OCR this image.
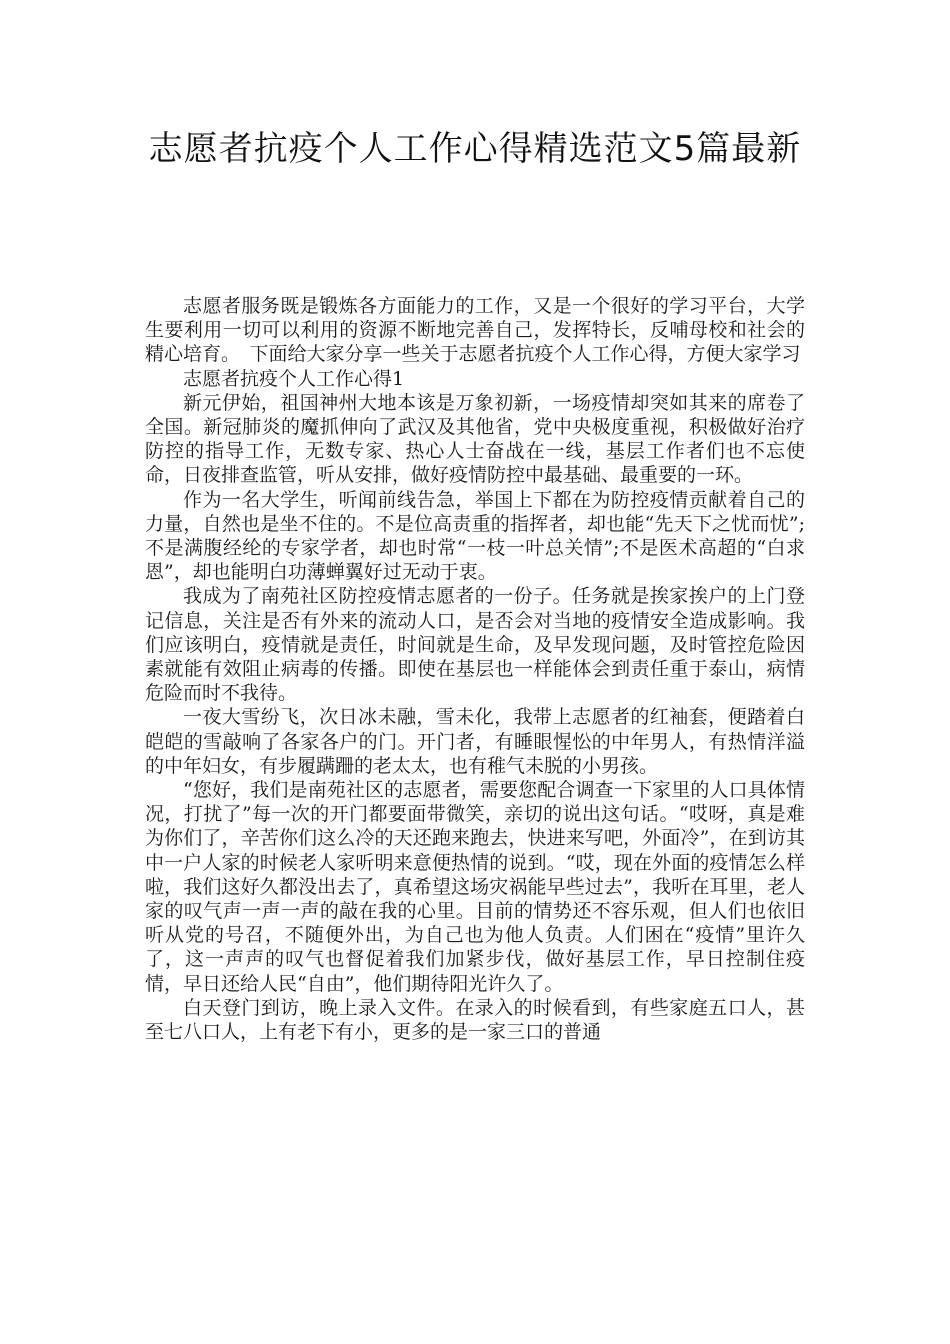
志愿者抗疫个人工作心得精选范文5篇最新

志愿者服务既是锻炼各方面能力的工作，又是一个很好的学习平台，大学生要利用一切可以利用的资源不断地完善自己，发挥特长，反哺母校和社会的精心培育。　下面给大家分享一些关于志愿者抗疫个人工作心得，方便大家学习

志愿者抗疫个人工作心得1

新元伊始，祖国神州大地本该是万象初新，一场疫情却突如其来的席卷了全国。新冠肺炎的魔抓伸向了武汉及其他省，党中央极度重视，积极做好治疗防控的指导工作，无数专家、热心人士奋战在一线，基层工作者们也不忘使命，日夜排查监管，听从安排，做好疫情防控中最基础、最重要的一环。

作为一名大学生，听闻前线告急，举国上下都在为防控疫情贡献着自己的力量，自然也是坐不住的。不是位高责重的指挥者，却也能“先天下之忧而忧”;不是满腹经纶的专家学者，却也时常“一枝一叶总关情”;不是医术高超的“白求恩”，却也能明白功薄蝉翼好过无动于衷。

我成为了南苑社区防控疫情志愿者的一份子。任务就是挨家挨户的上门登记信息，关注是否有外来的流动人口，是否会对当地的疫情安全造成影响。我们应该明白，疫情就是责任，时间就是生命，及早发现问题，及时管控危险因素就能有效阻止病毒的传播。即使在基层也一样能体会到责任重于泰山，病情危险而时不我待。

一夜大雪纷飞，次日冰未融，雪未化，我带上志愿者的红袖套，便踏着白皑皑的雪敲响了各家各户的门。开门者，有睡眼惺忪的中年男人，有热情洋溢的中年妇女，有步履蹒跚的老太太，也有稚气未脱的小男孩。

“您好，我们是南苑社区的志愿者，需要您配合调查一下家里的人口具体情况，打扰了”每一次的开门都要面带微笑，亲切的说出这句话。“哎呀，真是难为你们了，辛苦你们这么冷的天还跑来跑去，快进来写吧，外面冷”，在到访其中一户人家的时候老人家听明来意便热情的说到。“哎，现在外面的疫情怎么样啦，我们这好久都没出去了，真希望这场灾祸能早些过去”，我听在耳里，老人家的叹气声一声一声的敲在我的心里。目前的情势还不容乐观，但人们也依旧听从党的号召，不随便外出，为自己也为他人负责。人们困在“疫情”里许久了，这一声声的叹气也督促着我们加紧步伐，做好基层工作，早日控制住疫情，早日还给人民“自由”，他们期待阳光许久了。

白天登门到访，晚上录入文件。在录入的时候看到，有些家庭五口人，甚至七八口人，上有老下有小，更多的是一家三口的普通
